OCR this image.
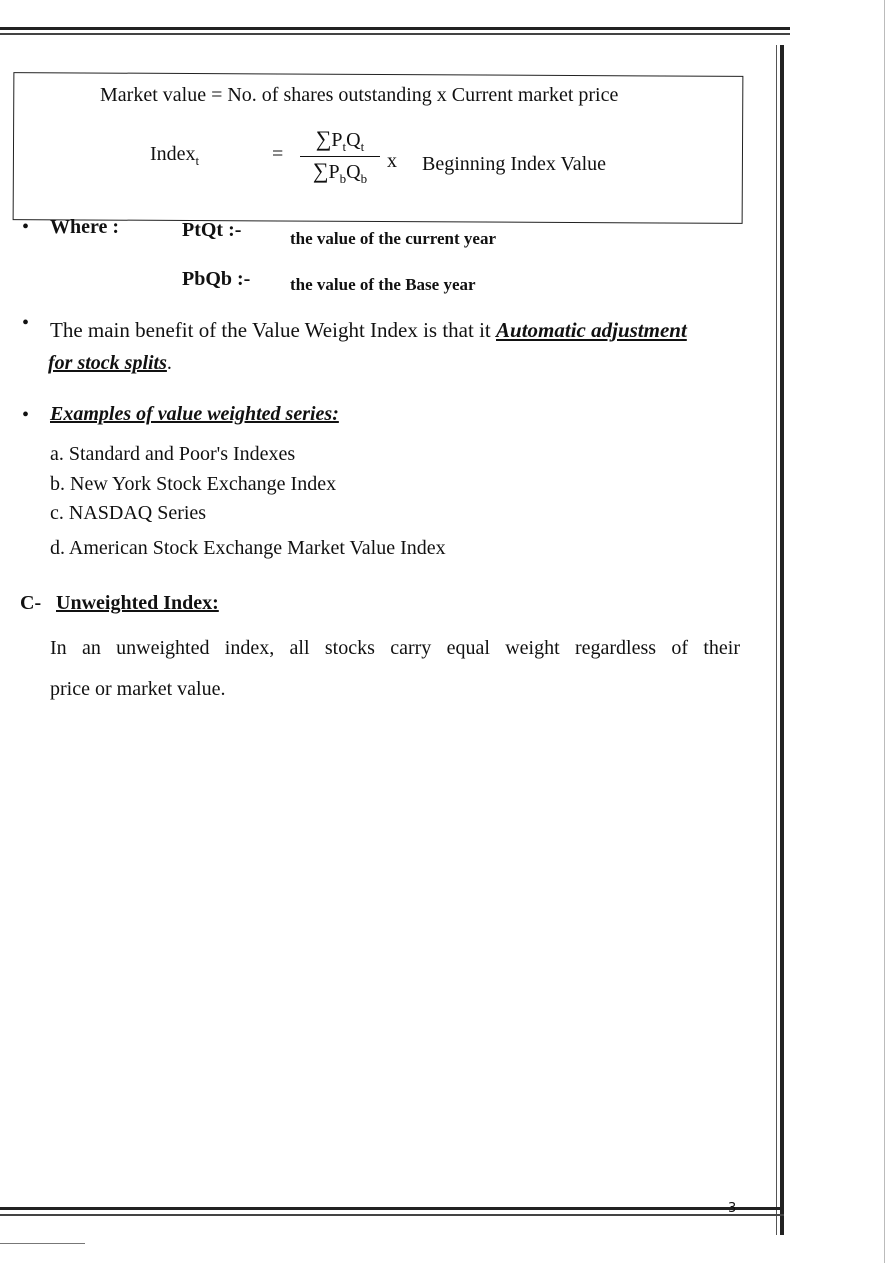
Market value = No. of shares outstanding x Current market price
Index$_t$	=
$\sum P_tQ_t$
$\sum P_bQ_b$
x Beginning Index Value
• Where :	PtQt :-	the value of the current year
PbQb :- the value of the Base year
• The main benefit of the Value Weight Index is that it Automatic adjustment
for stock splits.
• Examples of value weighted series:
a. Standard and Poor's Indexes
b. New York Stock Exchange Index
c. NASDAQ Series
d. American Stock Exchange Market Value Index
C- Unweighted Index:
In an unweighted index, all stocks carry equal weight regardless of their
price or market value.
3
